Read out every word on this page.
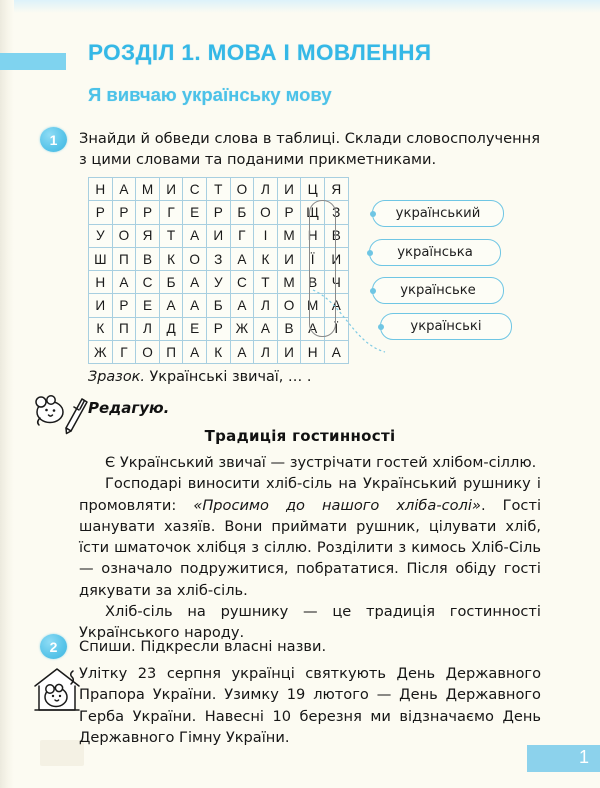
РОЗДІЛ 1. МОВА І МОВЛЕННЯ
Я вивчаю українську мову
1	Знайди й обведи слова в таблиці. Склади словосполучення з цими словами та поданими прикметниками.
Н	А	М	И	С	Т	О	Л	И	Ц	Я
Р	Р	Р	Г	Е	Р	Б	О	Р	Щ	З
У	О	Я	Т	А	И	Г	І	М	Н	В
Ш	П	В	К	О	З	А	К	И	Ї	И
Н	А	С	Б	А	У	С	Т	М	В	Ч
И	Р	Е	А	А	Б	А	Л	О	М	А
К	П	Л	Д	Е	Р	Ж	А	В	А	Ї
Ж	Г	О	П	А	К	А	Л	И	Н	А
український
українська
українське
українські
Зразок. Українські звичаї, … .
Редагую.
Традиція гостинності

Є Український звичаї — зустрічати гостей хлібом-сіллю.

Господарі виносити хліб-сіль на Український рушнику і промовляти: «Просимо до нашого хліба-солі». Гості шанувати хазяїв. Вони приймати рушник, цілувати хліб, їсти шматочок хлібця з сіллю. Розділити з кимось Хліб-Сіль — означало подружитися, побрататися. Після обіду гості дякувати за хліб-сіль.

Хліб-сіль на рушнику — це традиція гостинності Українського народу.

2	Спиши. Підкресли власні назви.

Улітку 23 серпня українці святкують День Державного Прапора України. Узимку 19 лютого — День Державного Герба України. Навесні 10 березня ми відзначаємо День Державного Гімну України.

1
